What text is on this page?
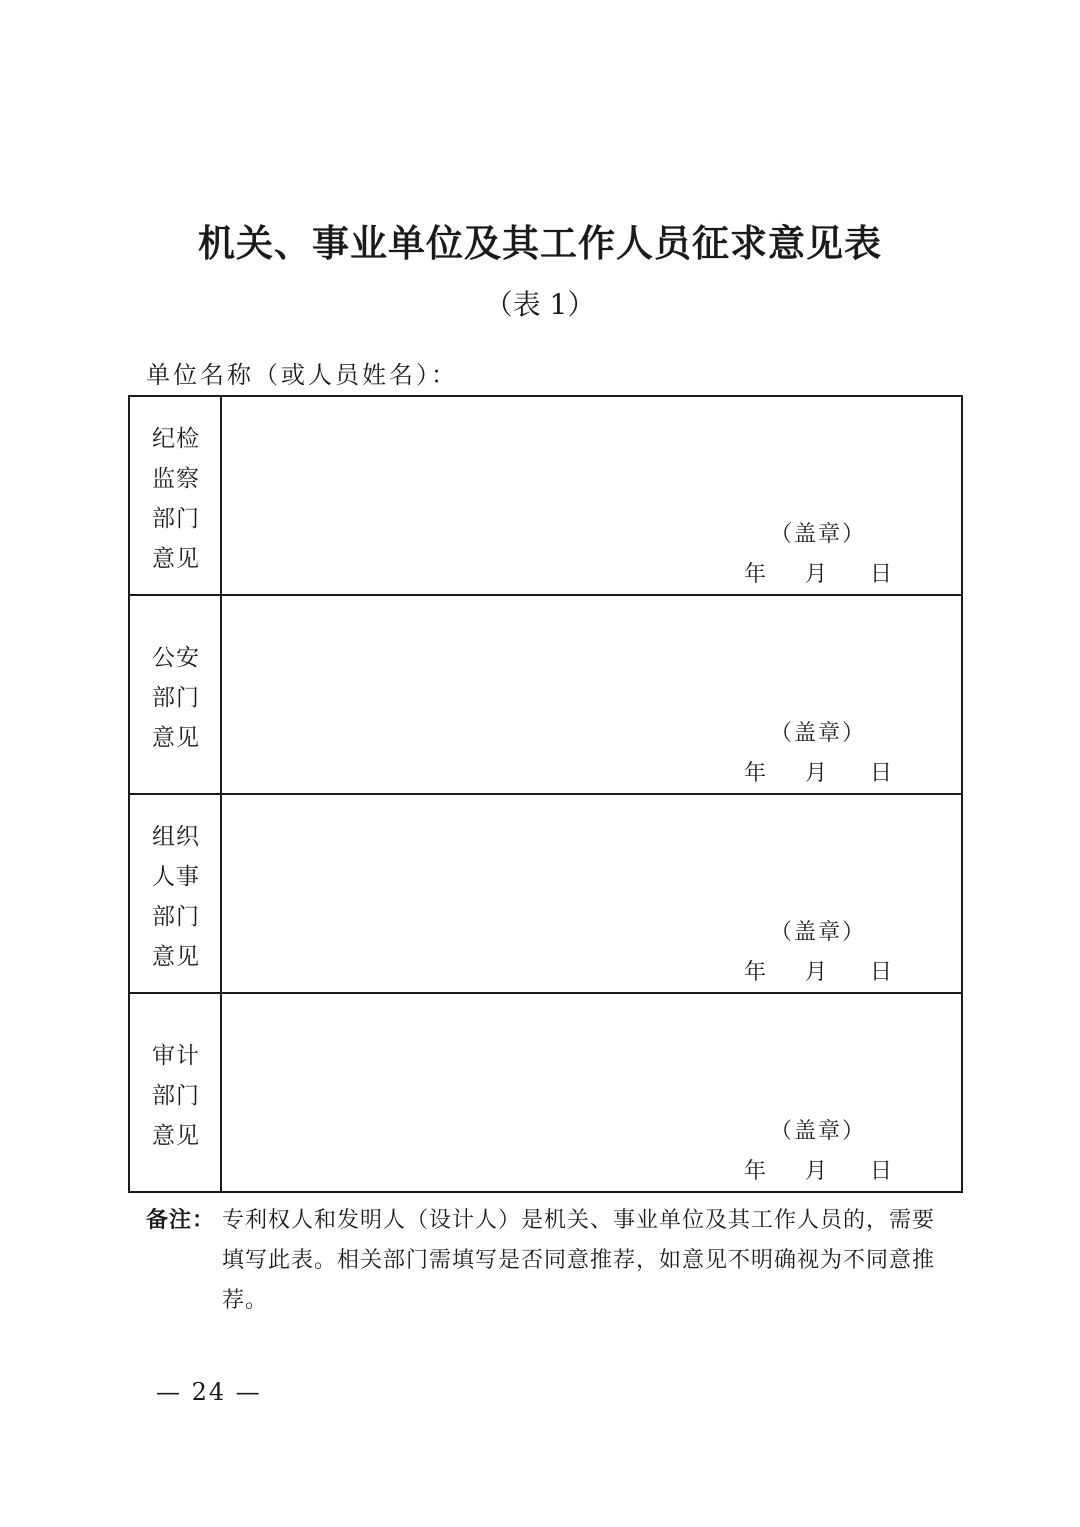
机关、事业单位及其工作人员征求意见表
（表 1）
单位名称（或人员姓名）：
纪检监察部门意见
（盖章）
年 月 日
公安部门意见	（盖章）
年 月 日
组织人事部门意见
（盖章）
年 月 日
审计部门意见	（盖章）
年 月 日
备注： 专利权人和发明人（设计人）是机关、事业单位及其工作人员的，需要填写此表。相关部门需填写是否同意推荐，如意见不明确视为不同意推荐。
— 24 —
